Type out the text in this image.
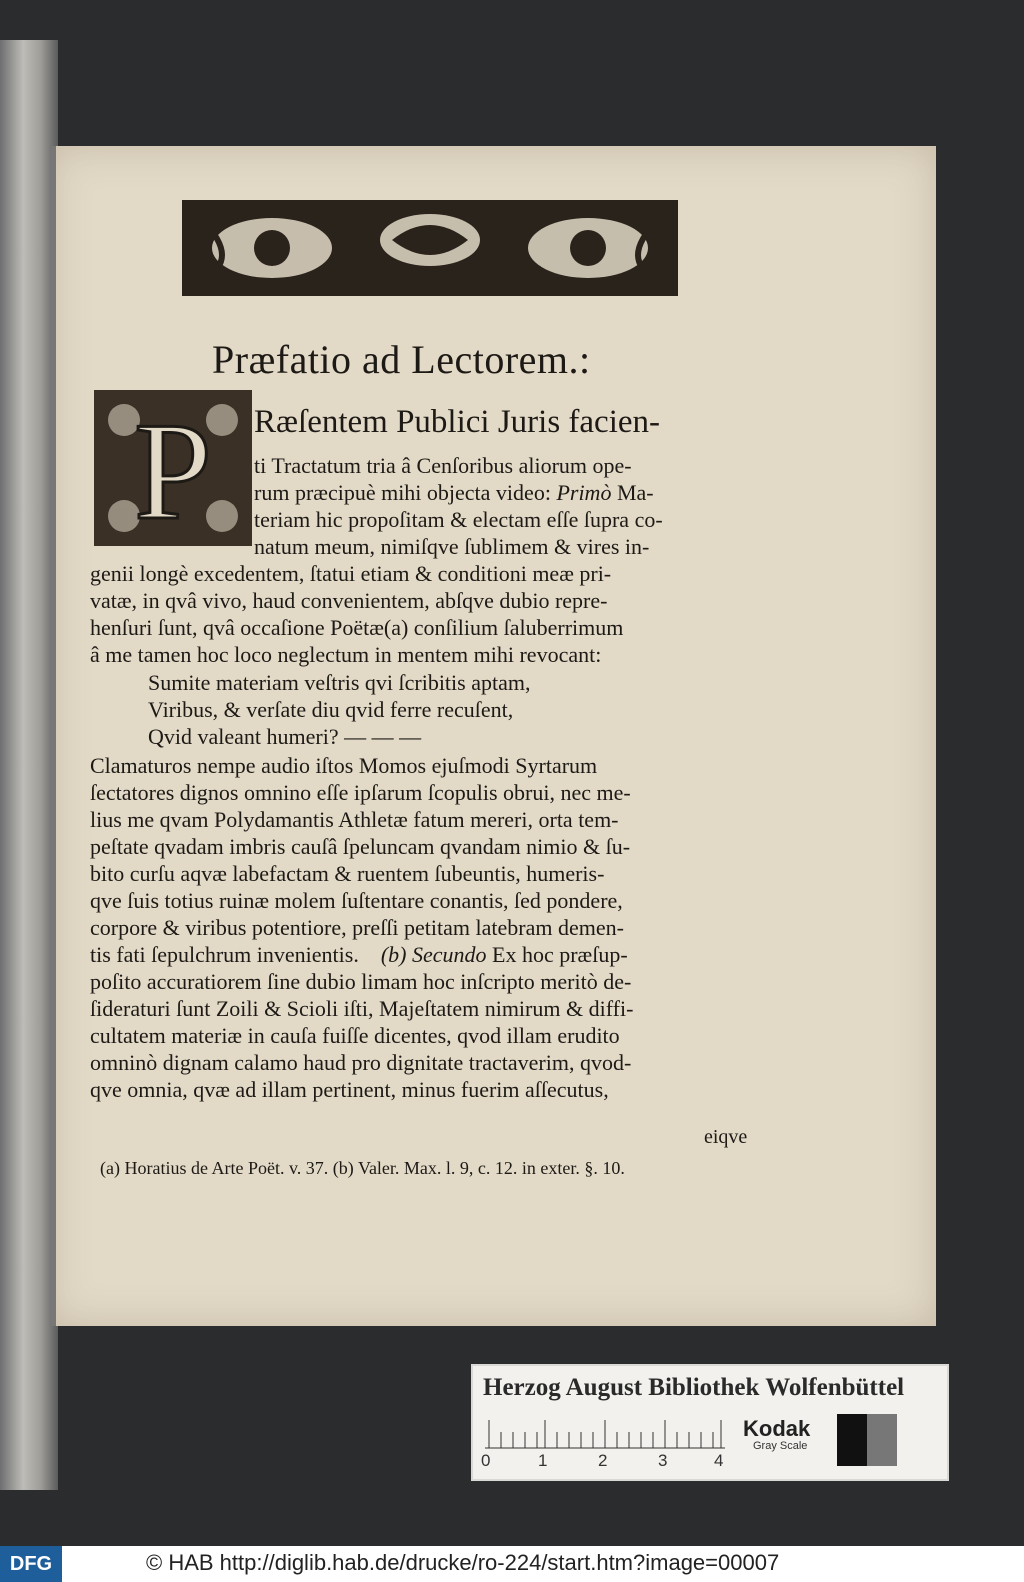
Præfatio ad Lectorem.:
P Ræſentem Publici Juris facien-
ti Tractatum tria â Cenſoribus aliorum ope-
rum præcipuè mihi objecta video: Primò Ma-
teriam hic propoſitam & electam eſſe ſupra co-
natum meum, nimiſqve ſublimem & vires in-
genii longè excedentem, ſtatui etiam & conditioni meæ pri-
vatæ, in qvâ vivo, haud convenientem, abſqve dubio repre-
henſuri ſunt, qvâ occaſione Poëtæ(a) conſilium ſaluberrimum
â me tamen hoc loco neglectum in mentem mihi revocant:
Sumite materiam veſtris qvi ſcribitis aptam,
Viribus, & verſate diu qvid ferre recuſent,
Qvid valeant humeri? — — —
Clamaturos nempe audio iſtos Momos ejuſmodi Syrtarum
ſectatores dignos omnino eſſe ipſarum ſcopulis obrui, nec me-
lius me qvam Polydamantis Athletæ fatum mereri, orta tem-
peſtate qvadam imbris cauſâ ſpeluncam qvandam nimio & ſu-
bito curſu aqvæ labefactam & ruentem ſubeuntis, humeris-
qve ſuis totius ruinæ molem ſuſtentare conantis, ſed pondere,
corpore & viribus potentiore, preſſi petitam latebram demen-
tis fati ſepulchrum invenientis. (b) Secundo Ex hoc præſup-
poſito accuratiorem ſine dubio limam hoc inſcripto meritò de-
ſideraturi ſunt Zoili & Scioli iſti, Majeſtatem nimirum & diffi-
cultatem materiæ in cauſa fuiſſe dicentes, qvod illam erudito
omninò dignam calamo haud pro dignitate tractaverim, qvod-
qve omnia, qvæ ad illam pertinent, minus fuerim aſſecutus,
eiqve
(a) Horatius de Arte Poët. v. 37. (b) Valer. Max. l. 9, c. 12. in exter. §. 10.
Herzog August Bibliothek Wolfenbüttel
0	1	2	3	4
Kodak
Gray Scale
DFG	© HAB http://diglib.hab.de/drucke/ro-224/start.htm?image=00007
